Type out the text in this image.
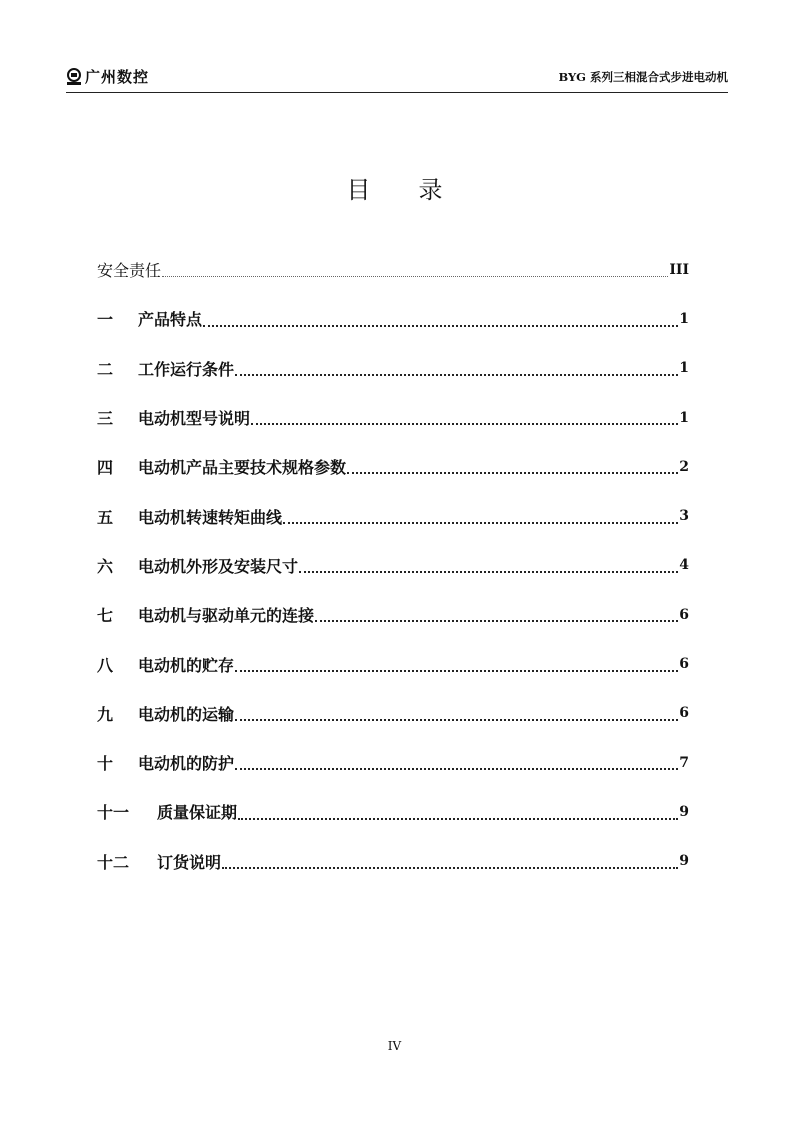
广州数控	BYG 系列三相混合式步进电动机
目录
安全责任	III
一	产品特点	1
二	工作运行条件	1
三	电动机型号说明	1
四	电动机产品主要技术规格参数	2
五	电动机转速转矩曲线	3
六	电动机外形及安装尺寸	4
七	电动机与驱动单元的连接	6
八	电动机的贮存	6
九	电动机的运输	6
十	电动机的防护	7
十一	质量保证期	9
十二	订货说明	9
IV
